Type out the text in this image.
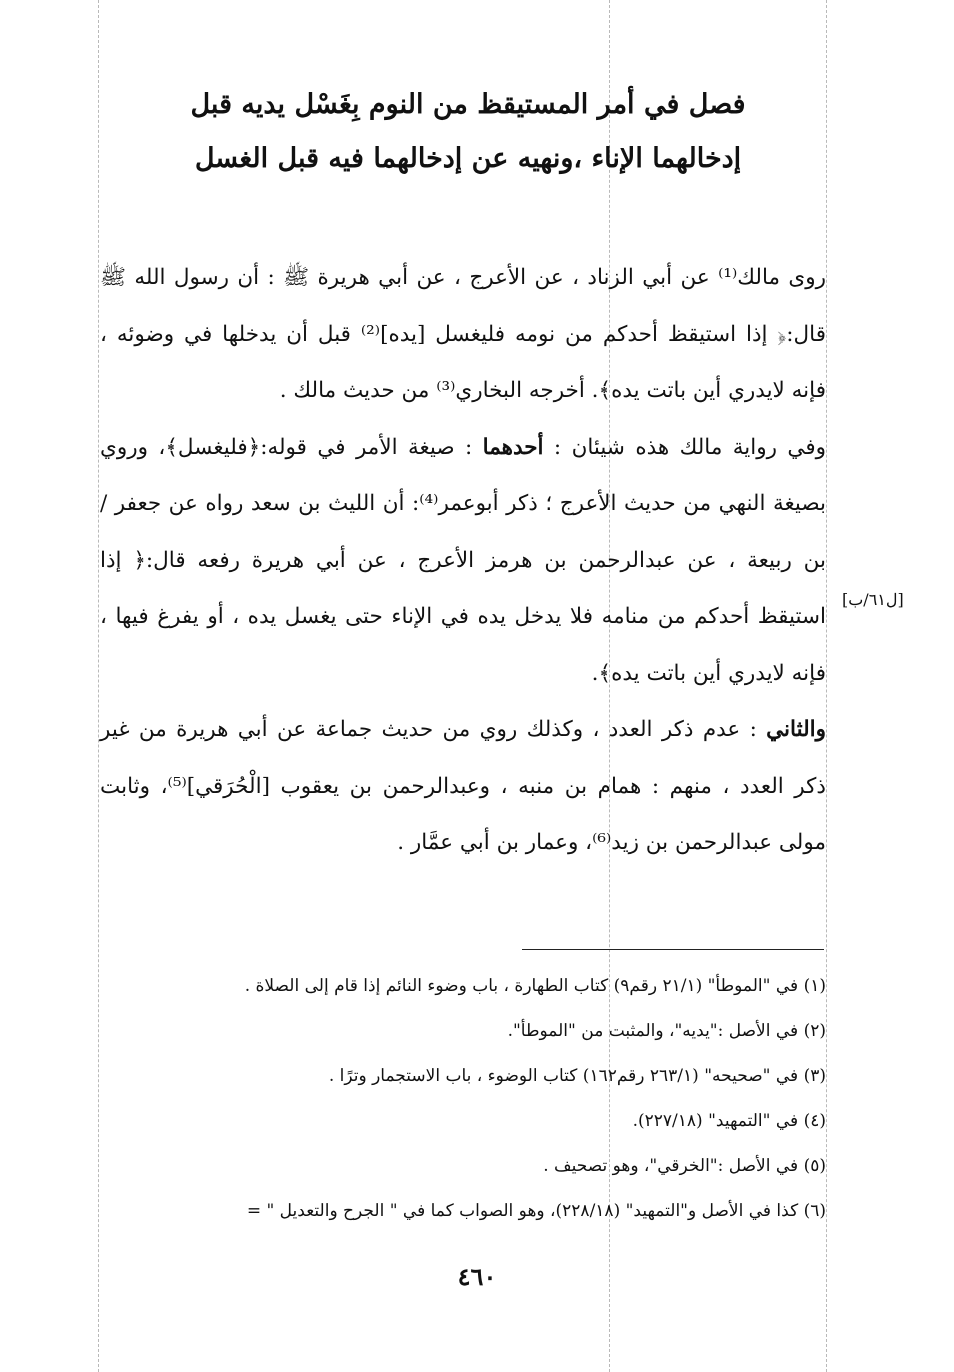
فصل في أمر المستيقظ من النوم بِغَسْل يديه قبل
إدخالهما الإناء ،ونهيه عن إدخالهما فيه قبل الغسل

روى مالك⁽¹⁾ عن أبي الزناد ، عن الأعرج ، عن أبي هريرة ﷺ : أن رسول الله ﷺ قال:﴿ إذا استيقظ أحدكم من نومه فليغسل [يده]⁽²⁾ قبل أن يدخلها في وضوئه ، فإنه لايدري أين باتت يده﴾. أخرجه البخاري⁽³⁾ من حديث مالك .

وفي رواية مالك هذه شيئان : أحدهما : صيغة الأمر في قوله:﴿فليغسل﴾، وروي بصيغة النهي من حديث الأعرج ؛ ذكر أبوعمر⁽⁴⁾: أن الليث بن سعد رواه عن جعفر / بن ربيعة ، عن عبدالرحمن بن هرمز الأعرج ، عن أبي هريرة رفعه قال:﴿ إذا استيقظ أحدكم من منامه فلا يدخل يده في الإناء حتى يغسل يده ، أو يفرغ فيها ، فإنه لايدري أين باتت يده﴾.

والثاني : عدم ذكر العدد ، وكذلك روي من حديث جماعة عن أبي هريرة من غير ذكر العدد ، منهم : همام بن منبه ، وعبدالرحمن بن يعقوب [الْحُرَقي]⁽⁵⁾، وثابت مولى عبدالرحمن بن زيد⁽⁶⁾، وعمار بن أبي عمَّار .

[ل٦١/ب]

(١) في "الموطأ" (٢١/١ رقم٩) كتاب الطهارة ، باب وضوء النائم إذا قام إلى الصلاة .

(٢) في الأصل :"يديه"، والمثبت من "الموطأ".

(٣) في "صحيحه" (٢٦٣/١ رقم١٦٢) كتاب الوضوء ، باب الاستجمار وترًا .

(٤) في "التمهيد" (٢٢٧/١٨).

(٥) في الأصل :"الخرقي"، وهو تصحيف .

(٦) كذا في الأصل و"التمهيد" (٢٢٨/١٨)، وهو الصواب كما في " الجرح والتعديل " =

٤٦٠
